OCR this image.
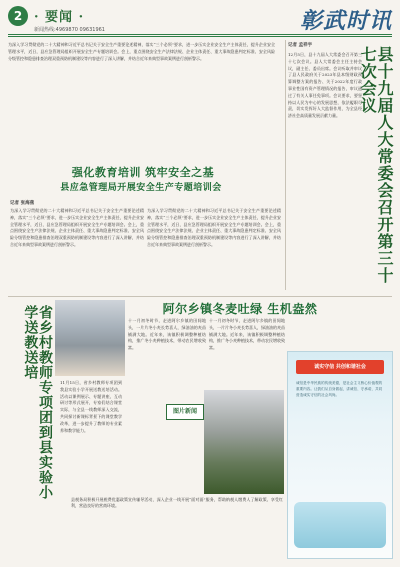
2 · 要闻 ·
新闻热线:4969870 09631961	彰武时讯
为深入学习贯彻党的二十大精神和习近平总书记关于安全生产重要论述精神，落实“三个必须”要求，进一步压实企业安全生产主体责任，提升企业安全管理水平，近日，县应急管理局组织开展安全生产专题培训会。会上，重点围绕安全生产法律法规、企业主体责任、重大事故隐患判定标准、安全风险分级管控和隐患排查治理双重预防机制建设等内容进行了深入讲解，并结合近年来典型事故案例进行剖析警示。
强化教育培训 筑牢安全之基
县应急管理局开展安全生产专题培训会
记者 张海燕
为深入学习贯彻党的二十大精神和习近平总书记关于安全生产重要论述精神，落实“三个必须”要求，进一步压实企业安全生产主体责任，提升企业安全管理水平，近日，县应急管理局组织开展安全生产专题培训会。会上，重点围绕安全生产法律法规、企业主体责任、重大事故隐患判定标准、安全风险分级管控和隐患排查治理双重预防机制建设等内容进行了深入讲解，并结合近年来典型事故案例进行剖析警示。
为深入学习贯彻党的二十大精神和习近平总书记关于安全生产重要论述精神，落实“三个必须”要求，进一步压实企业安全生产主体责任，提升企业安全管理水平，近日，县应急管理局组织开展安全生产专题培训会。会上，重点围绕安全生产法律法规、企业主体责任、重大事故隐患判定标准、安全风险分级管控和隐患排查治理双重预防机制建设等内容进行了深入讲解，并结合近年来典型事故案例进行剖析警示。
记者 孟祥宇
12月5日，县十九届人大常委会召开第三十七次会议。县人大常委会主任主持会议，副主任、委员出席。会议听取并审议了县人民政府关于2023年县本级财政预算调整方案的报告、关于2022年度行政事业性国有资产管理情况的报告，审议通过了有关人事任免事项。会议要求，要坚持以人民为中心的发展思想，依法履职尽责，切实发挥好人大监督作用，为全县经济社会高质量发展贡献力量。	县十九届人大常委会召开第三十七次会议
省乡村教师专项团到县实验小学送教送培
11月15日，省乡村教师专项团到我县实验小学开展送教送培活动。活动以课例展示、专题讲座、互动研讨等形式展开，专家们结合课堂实际，与全县一线教师深入交流，共同探讨新课标背景下的课堂教学改革，进一步提升了教师的专业素养和教学能力。
阿尔乡镇冬麦吐绿 生机盎然
十一月初冬时节，走进阿尔乡镇的田间地头，一片片冬小麦长势喜人，绿油油的麦苗铺满大地。近年来，该镇积极调整种植结构，推广冬小麦种植技术，带动农民增收致富。
十一月初冬时节，走进阿尔乡镇的田间地头，一片片冬小麦长势喜人，绿油油的麦苗铺满大地。近年来，该镇积极调整种植结构，推广冬小麦种植技术，带动农民增收致富。
图片新闻
县税务局积极开展税费优惠政策宣传辅导活动，深入企业一线开展“面对面”服务，帮助纳税人缴费人了解政策、享受红利，营造良好的营商环境。
诚实守信 共创和谐社会
诚信是中华民族的传统美德，是社会主义核心价值观的重要内容。让我们从自身做起，讲诚信、守承诺，共同营造诚实守信的社会风尚。
